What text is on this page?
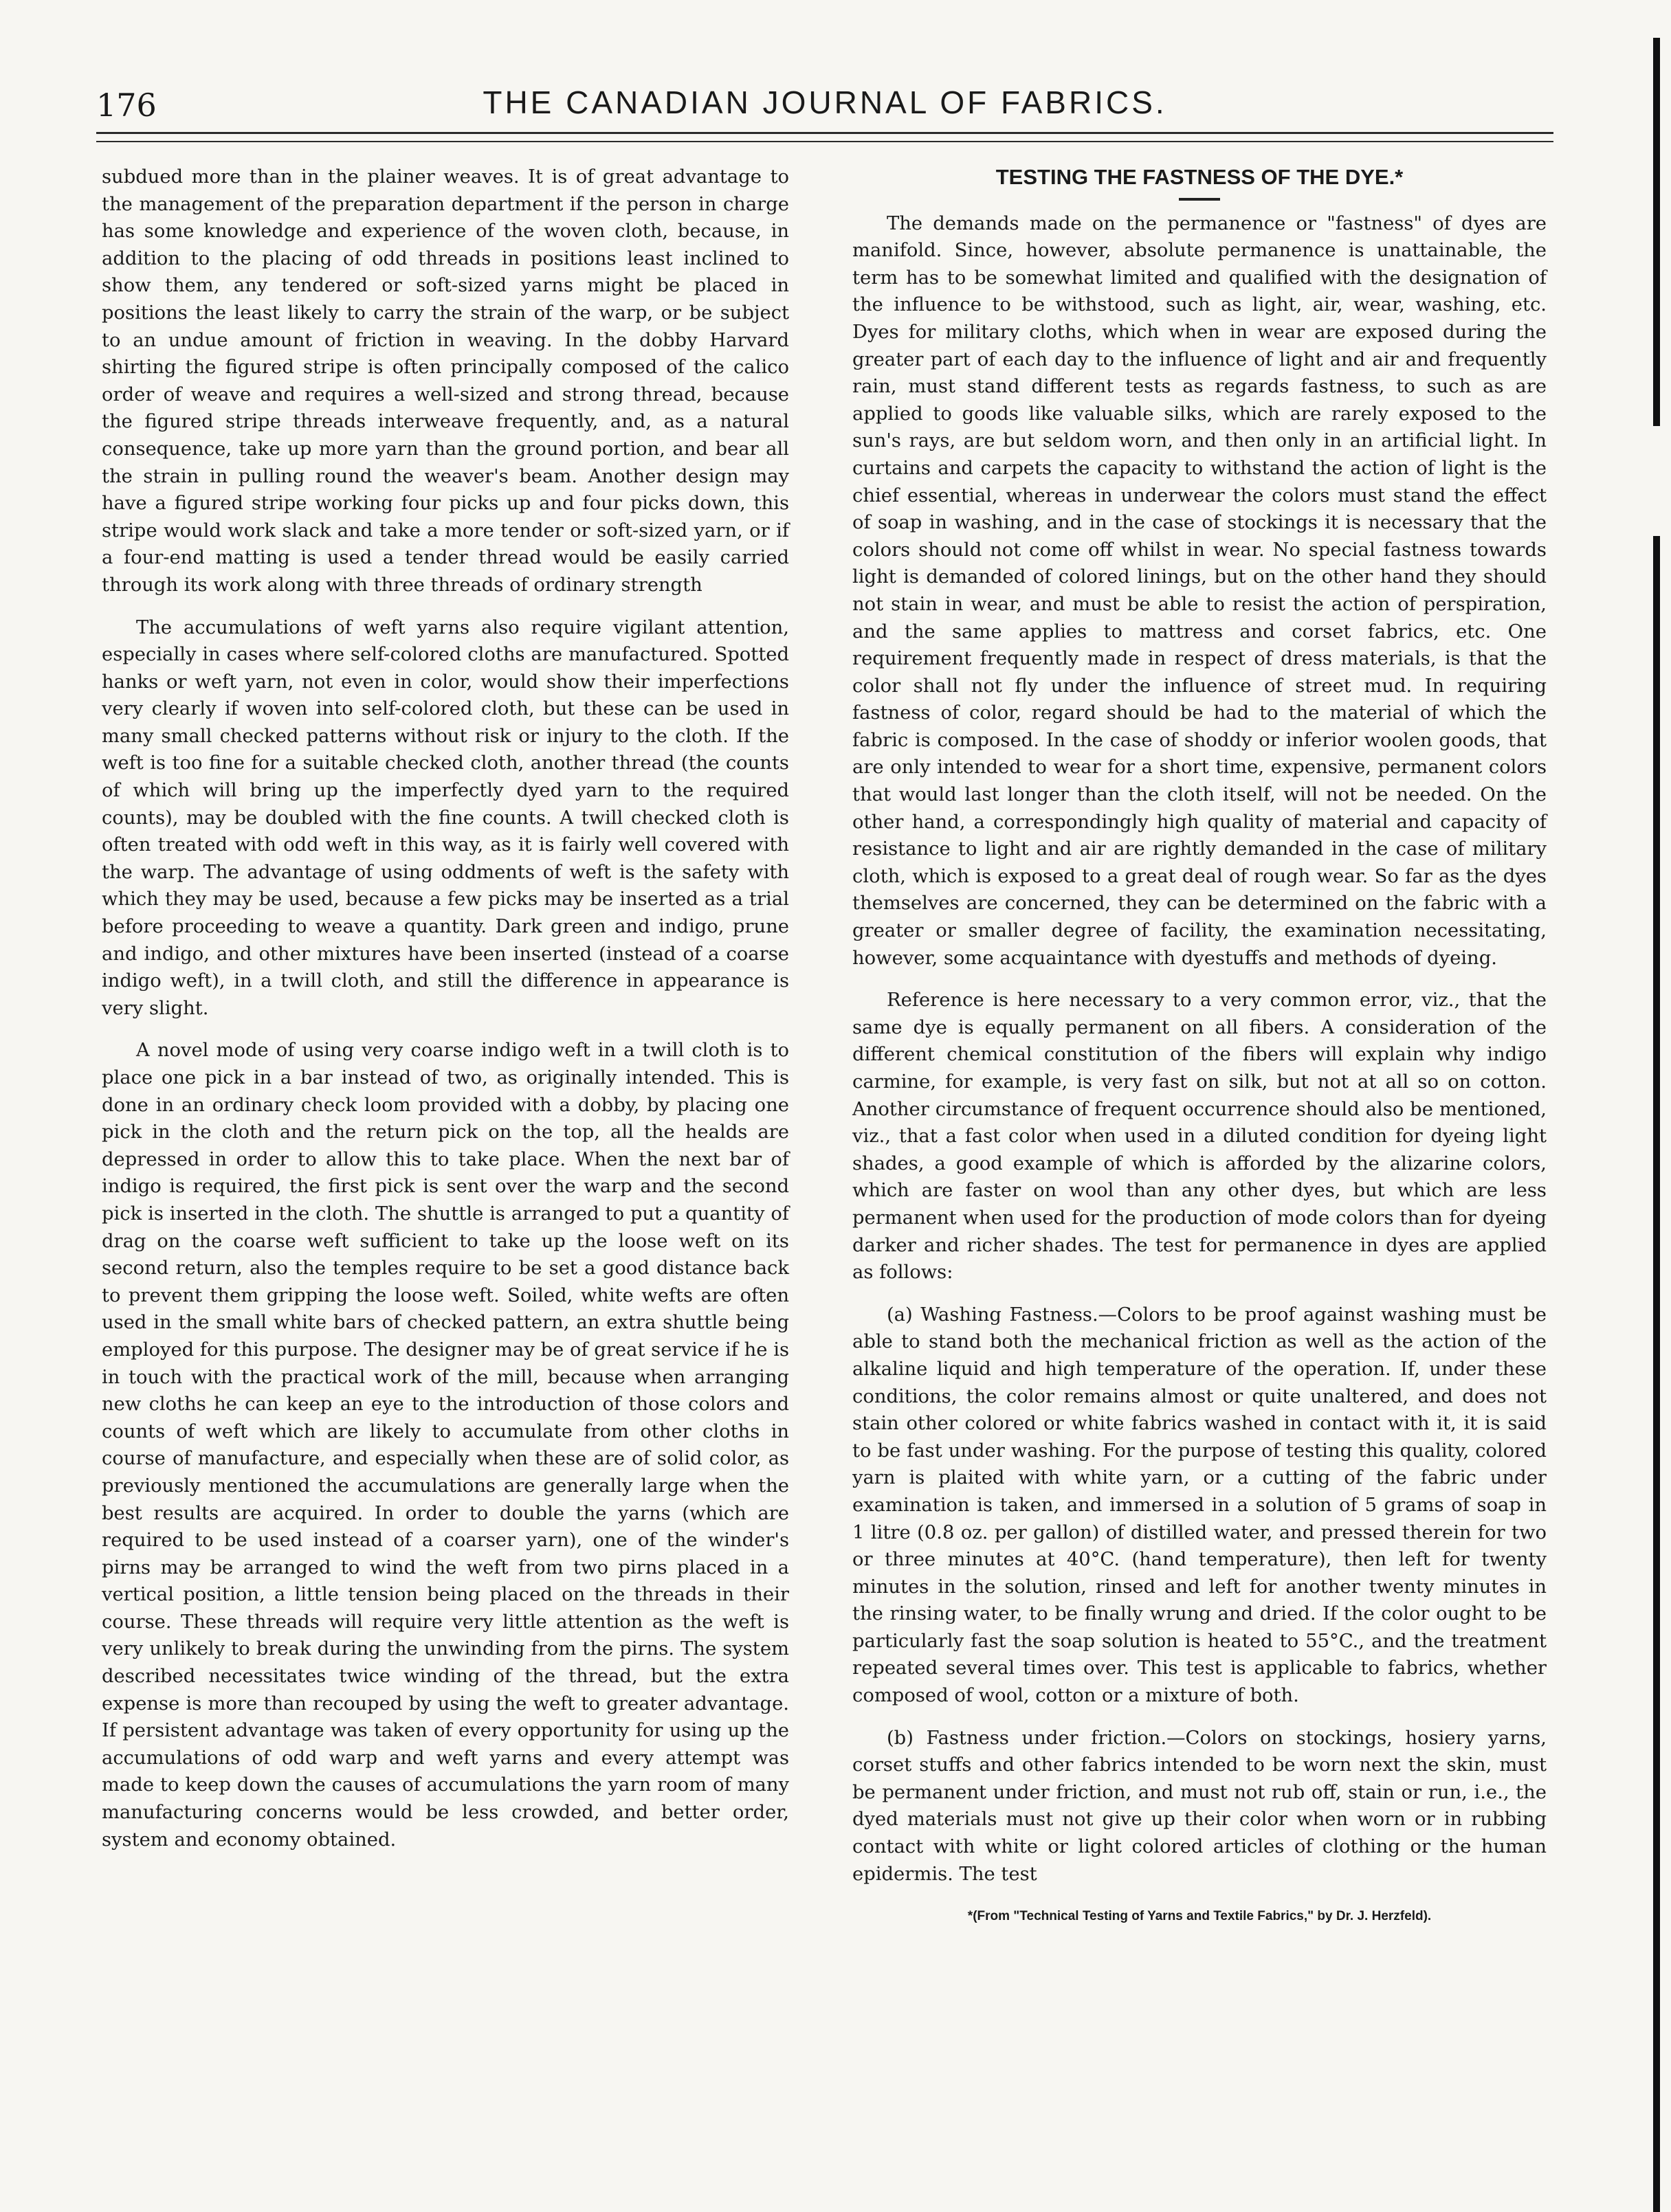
176	THE CANADIAN JOURNAL OF FABRICS.

subdued more than in the plainer weaves. It is of great advantage to the management of the preparation department if the person in charge has some knowledge and experience of the woven cloth, because, in addition to the placing of odd threads in positions least inclined to show them, any tendered or soft-sized yarns might be placed in positions the least likely to carry the strain of the warp, or be subject to an undue amount of friction in weaving. In the dobby Harvard shirting the figured stripe is often principally composed of the calico order of weave and requires a well-sized and strong thread, because the figured stripe threads interweave frequently, and, as a natural consequence, take up more yarn than the ground portion, and bear all the strain in pulling round the weaver's beam. Another design may have a figured stripe working four picks up and four picks down, this stripe would work slack and take a more tender or soft-sized yarn, or if a four-end matting is used a tender thread would be easily carried through its work along with three threads of ordinary strength

The accumulations of weft yarns also require vigilant attention, especially in cases where self-colored cloths are manufactured. Spotted hanks or weft yarn, not even in color, would show their imperfections very clearly if woven into self-colored cloth, but these can be used in many small checked patterns without risk or injury to the cloth. If the weft is too fine for a suitable checked cloth, another thread (the counts of which will bring up the imperfectly dyed yarn to the required counts), may be doubled with the fine counts. A twill checked cloth is often treated with odd weft in this way, as it is fairly well covered with the warp. The advantage of using oddments of weft is the safety with which they may be used, because a few picks may be inserted as a trial before proceeding to weave a quantity. Dark green and indigo, prune and indigo, and other mixtures have been inserted (instead of a coarse indigo weft), in a twill cloth, and still the difference in appearance is very slight.

A novel mode of using very coarse indigo weft in a twill cloth is to place one pick in a bar instead of two, as originally intended. This is done in an ordinary check loom provided with a dobby, by placing one pick in the cloth and the return pick on the top, all the healds are depressed in order to allow this to take place. When the next bar of indigo is required, the first pick is sent over the warp and the second pick is inserted in the cloth. The shuttle is arranged to put a quantity of drag on the coarse weft sufficient to take up the loose weft on its second return, also the temples require to be set a good distance back to prevent them gripping the loose weft. Soiled, white wefts are often used in the small white bars of checked pattern, an extra shuttle being employed for this purpose. The designer may be of great service if he is in touch with the practical work of the mill, because when arranging new cloths he can keep an eye to the introduction of those colors and counts of weft which are likely to accumulate from other cloths in course of manufacture, and especially when these are of solid color, as previously mentioned the accumulations are generally large when the best results are acquired. In order to double the yarns (which are required to be used instead of a coarser yarn), one of the winder's pirns may be arranged to wind the weft from two pirns placed in a vertical position, a little tension being placed on the threads in their course. These threads will require very little attention as the weft is very unlikely to break during the unwinding from the pirns. The system described necessitates twice winding of the thread, but the extra expense is more than recouped by using the weft to greater advantage. If persistent advantage was taken of every opportunity for using up the accumulations of odd warp and weft yarns and every attempt was made to keep down the causes of accumulations the yarn room of many manufacturing concerns would be less crowded, and better order, system and economy obtained.

TESTING THE FASTNESS OF THE DYE.*

The demands made on the permanence or "fastness" of dyes are manifold. Since, however, absolute permanence is unattainable, the term has to be somewhat limited and qualified with the designation of the influence to be withstood, such as light, air, wear, washing, etc. Dyes for military cloths, which when in wear are exposed during the greater part of each day to the influence of light and air and frequently rain, must stand different tests as regards fastness, to such as are applied to goods like valuable silks, which are rarely exposed to the sun's rays, are but seldom worn, and then only in an artificial light. In curtains and carpets the capacity to withstand the action of light is the chief essential, whereas in underwear the colors must stand the effect of soap in washing, and in the case of stockings it is necessary that the colors should not come off whilst in wear. No special fastness towards light is demanded of colored linings, but on the other hand they should not stain in wear, and must be able to resist the action of perspiration, and the same applies to mattress and corset fabrics, etc. One requirement frequently made in respect of dress materials, is that the color shall not fly under the influence of street mud. In requiring fastness of color, regard should be had to the material of which the fabric is composed. In the case of shoddy or inferior woolen goods, that are only intended to wear for a short time, expensive, permanent colors that would last longer than the cloth itself, will not be needed. On the other hand, a correspondingly high quality of material and capacity of resistance to light and air are rightly demanded in the case of military cloth, which is exposed to a great deal of rough wear. So far as the dyes themselves are concerned, they can be determined on the fabric with a greater or smaller degree of facility, the examination necessitating, however, some acquaintance with dyestuffs and methods of dyeing.

Reference is here necessary to a very common error, viz., that the same dye is equally permanent on all fibers. A consideration of the different chemical constitution of the fibers will explain why indigo carmine, for example, is very fast on silk, but not at all so on cotton. Another circumstance of frequent occurrence should also be mentioned, viz., that a fast color when used in a diluted condition for dyeing light shades, a good example of which is afforded by the alizarine colors, which are faster on wool than any other dyes, but which are less permanent when used for the production of mode colors than for dyeing darker and richer shades. The test for permanence in dyes are applied as follows:

(a) Washing Fastness.—Colors to be proof against washing must be able to stand both the mechanical friction as well as the action of the alkaline liquid and high temperature of the operation. If, under these conditions, the color remains almost or quite unaltered, and does not stain other colored or white fabrics washed in contact with it, it is said to be fast under washing. For the purpose of testing this quality, colored yarn is plaited with white yarn, or a cutting of the fabric under examination is taken, and immersed in a solution of 5 grams of soap in 1 litre (0.8 oz. per gallon) of distilled water, and pressed therein for two or three minutes at 40°C. (hand temperature), then left for twenty minutes in the solution, rinsed and left for another twenty minutes in the rinsing water, to be finally wrung and dried. If the color ought to be particularly fast the soap solution is heated to 55°C., and the treatment repeated several times over. This test is applicable to fabrics, whether composed of wool, cotton or a mixture of both.

(b) Fastness under friction.—Colors on stockings, hosiery yarns, corset stuffs and other fabrics intended to be worn next the skin, must be permanent under friction, and must not rub off, stain or run, i.e., the dyed materials must not give up their color when worn or in rubbing contact with white or light colored articles of clothing or the human epidermis. The test

*(From "Technical Testing of Yarns and Textile Fabrics," by Dr. J. Herzfeld).
